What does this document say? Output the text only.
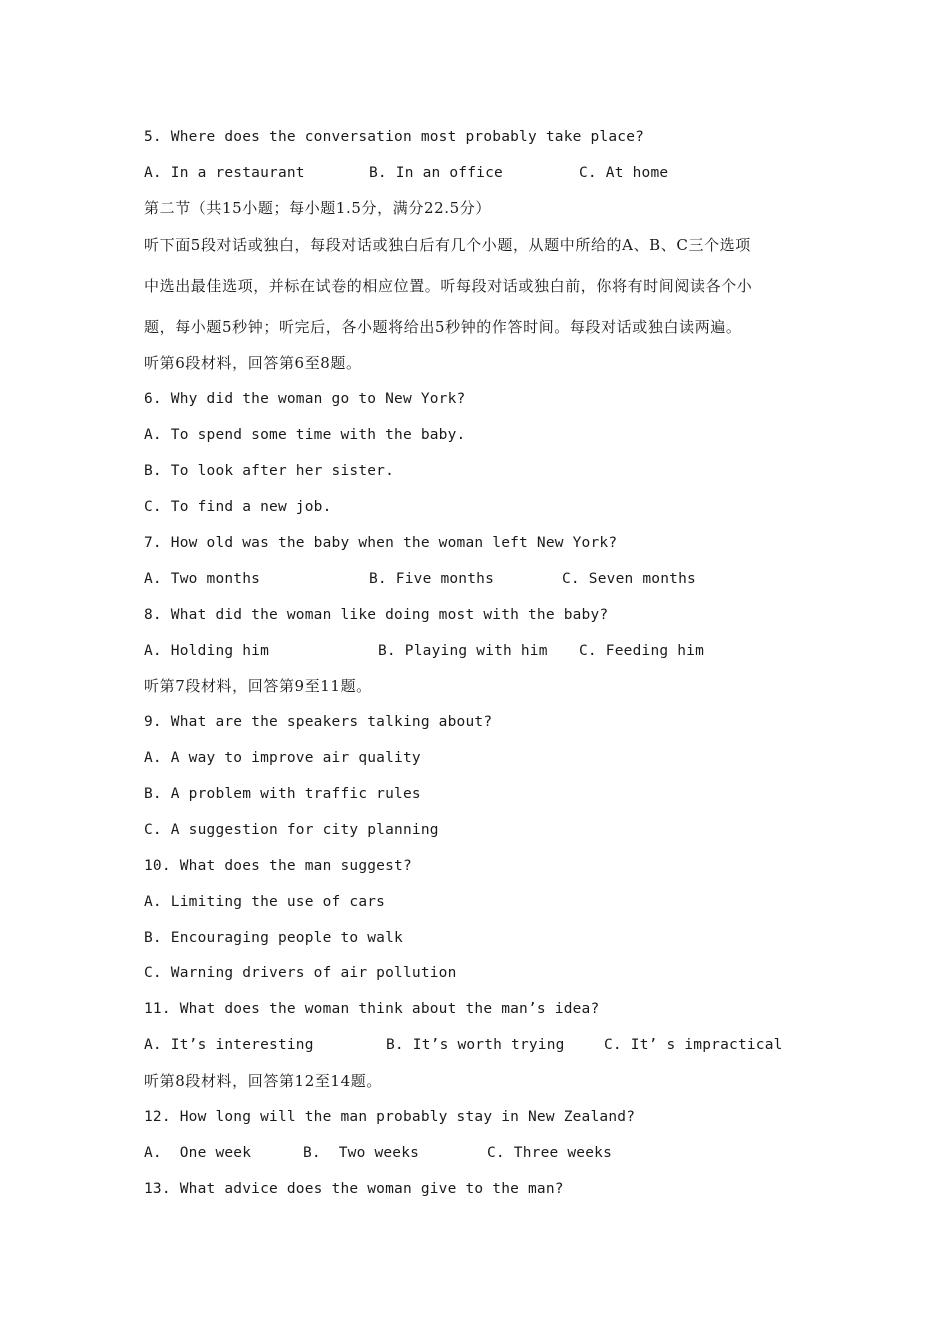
5. Where does the conversation most probably take place?

A. In a restaurant

	B. In an office

	C. At home

第二节（共15小题；每小题1.5分，满分22.5分）
听下面5段对话或独白，每段对话或独白后有几个小题，从题中所给的A、B、C三个选项
中选出最佳选项，并标在试卷的相应位置。听每段对话或独白前，你将有时间阅读各个小
题，每小题5秒钟；听完后，各小题将给出5秒钟的作答时间。每段对话或独白读两遍。
听第6段材料，回答第6至8题。
6. Why did the woman go to New York?
A. To spend some time with the baby.
B. To look after her sister.
C. To find a new job.
7. How old was the baby when the woman left New York?

A. Two months

	B. Five months

	C. Seven months

8. What did the woman like doing most with the baby?

A. Holding him

	B. Playing with him

C. Feeding him

听第7段材料，回答第9至11题。
9. What are the speakers talking about?
A. A way to improve air quality
B. A problem with traffic rules
C. A suggestion for city planning
10. What does the man suggest?
A. Limiting the use of cars
B. Encouraging people to walk
C. Warning drivers of air pollution
11. What does the woman think about the man’s idea?

A. It’s interesting

	B. It’s worth trying

	C. It’ s impractical

听第8段材料，回答第12至14题。
12. How long will the man probably stay in New Zealand?

A.  One week

	B.  Two weeks

	C. Three weeks

13. What advice does the woman give to the man?
